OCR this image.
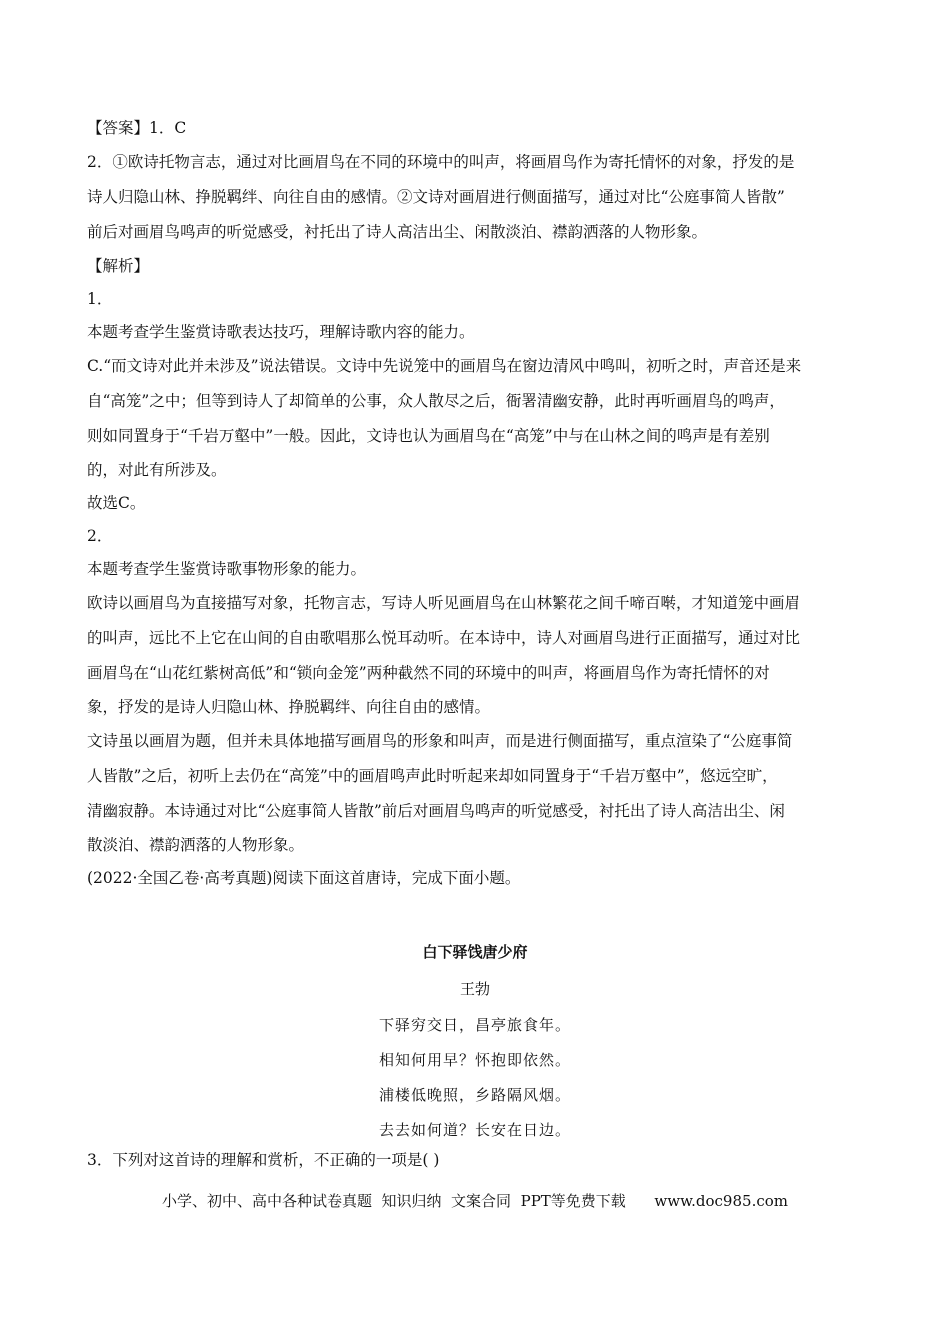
【答案】1．C

2．①欧诗托物言志，通过对比画眉鸟在不同的环境中的叫声，将画眉鸟作为寄托情怀的对象，抒发的是

诗人归隐山林、挣脱羁绊、向往自由的感情。②文诗对画眉进行侧面描写，通过对比“公庭事简人皆散”

前后对画眉鸟鸣声的听觉感受，衬托出了诗人高洁出尘、闲散淡泊、襟韵洒落的人物形象。

【解析】

1．

本题考查学生鉴赏诗歌表达技巧，理解诗歌内容的能力。

C.“而文诗对此并未涉及”说法错误。文诗中先说笼中的画眉鸟在窗边清风中鸣叫，初听之时，声音还是来

自“高笼”之中；但等到诗人了却简单的公事，众人散尽之后，衙署清幽安静，此时再听画眉鸟的鸣声，

则如同置身于“千岩万壑中”一般。因此，文诗也认为画眉鸟在“高笼”中与在山林之间的鸣声是有差别

的，对此有所涉及。

故选C。

2．

本题考查学生鉴赏诗歌事物形象的能力。

欧诗以画眉鸟为直接描写对象，托物言志，写诗人听见画眉鸟在山林繁花之间千啼百啭，才知道笼中画眉

的叫声，远比不上它在山间的自由歌唱那么悦耳动听。在本诗中，诗人对画眉鸟进行正面描写，通过对比

画眉鸟在“山花红紫树高低”和“锁向金笼”两种截然不同的环境中的叫声，将画眉鸟作为寄托情怀的对

象，抒发的是诗人归隐山林、挣脱羁绊、向往自由的感情。

文诗虽以画眉为题，但并未具体地描写画眉鸟的形象和叫声，而是进行侧面描写，重点渲染了“公庭事简

人皆散”之后，初听上去仍在“高笼”中的画眉鸣声此时听起来却如同置身于“千岩万壑中”，悠远空旷，

清幽寂静。本诗通过对比“公庭事简人皆散”前后对画眉鸟鸣声的听觉感受，衬托出了诗人高洁出尘、闲

散淡泊、襟韵洒落的人物形象。

(2022·全国乙卷·高考真题)阅读下面这首唐诗，完成下面小题。

白下驿饯唐少府
王勃
下驿穷交日，昌亭旅食年。
相知何用早？怀抱即依然。
浦楼低晚照，乡路隔风烟。
去去如何道？长安在日边。
3．下列对这首诗的理解和赏析，不正确的一项是( )
小学、初中、高中各种试卷真题  知识归纳  文案合同  PPT等免费下载      www.doc985.com
